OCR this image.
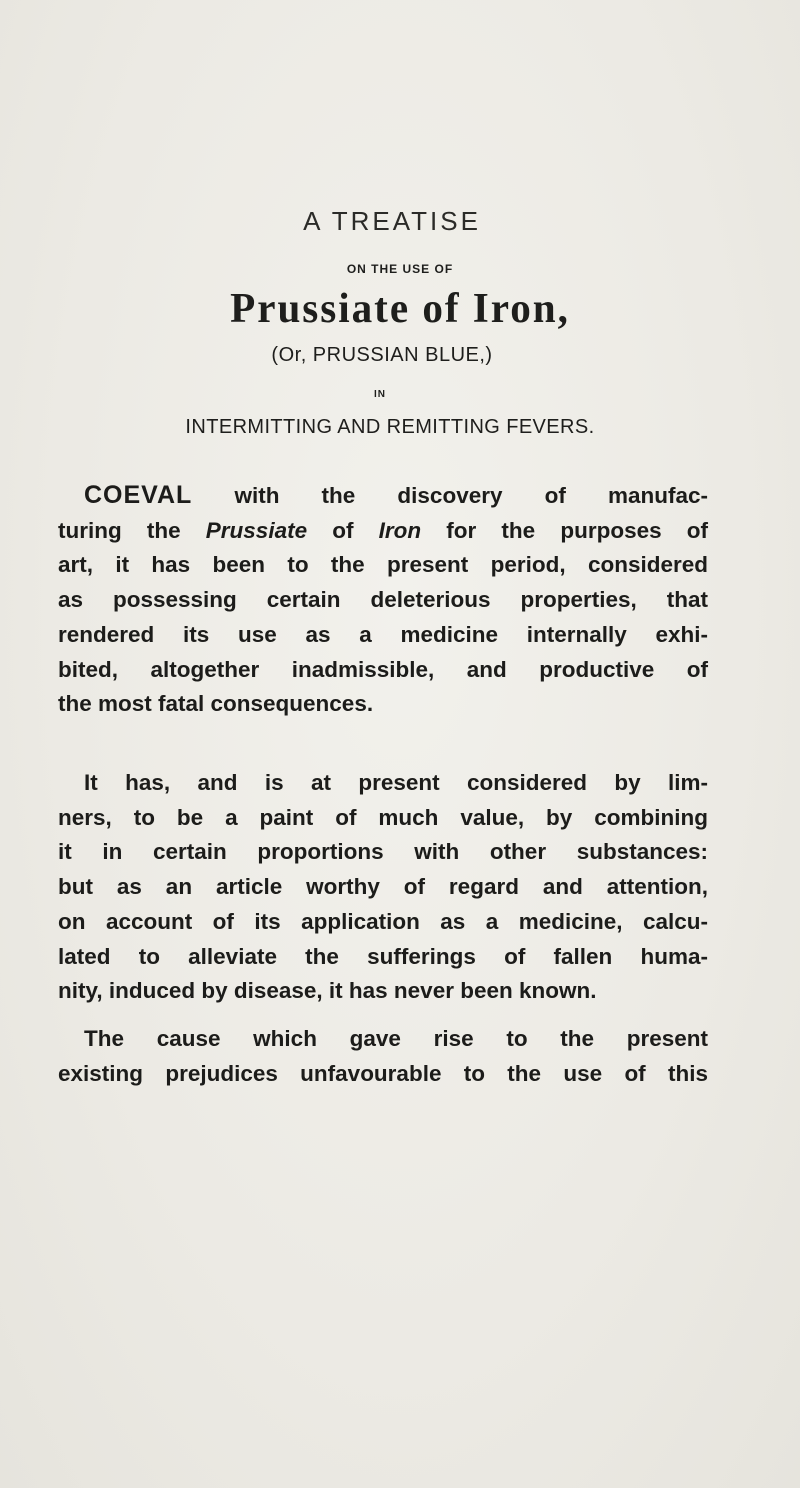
A TREATISE
ON THE USE OF
Prussiate of Iron,
(Or, PRUSSIAN BLUE,)
IN
INTERMITTING AND REMITTING FEVERS.
COEVAL with the discovery of manufac-
turing the Prussiate of Iron for the purposes of
art, it has been to the present period, considered
as possessing certain deleterious properties, that
rendered its use as a medicine internally exhi-
bited, altogether inadmissible, and productive of
the most fatal consequences.
It has, and is at present considered by lim-
ners, to be a paint of much value, by combining
it in certain proportions with other substances:
but as an article worthy of regard and attention,
on account of its application as a medicine, calcu-
lated to alleviate the sufferings of fallen huma-
nity, induced by disease, it has never been known.
The cause which gave rise to the present
existing prejudices unfavourable to the use of this
